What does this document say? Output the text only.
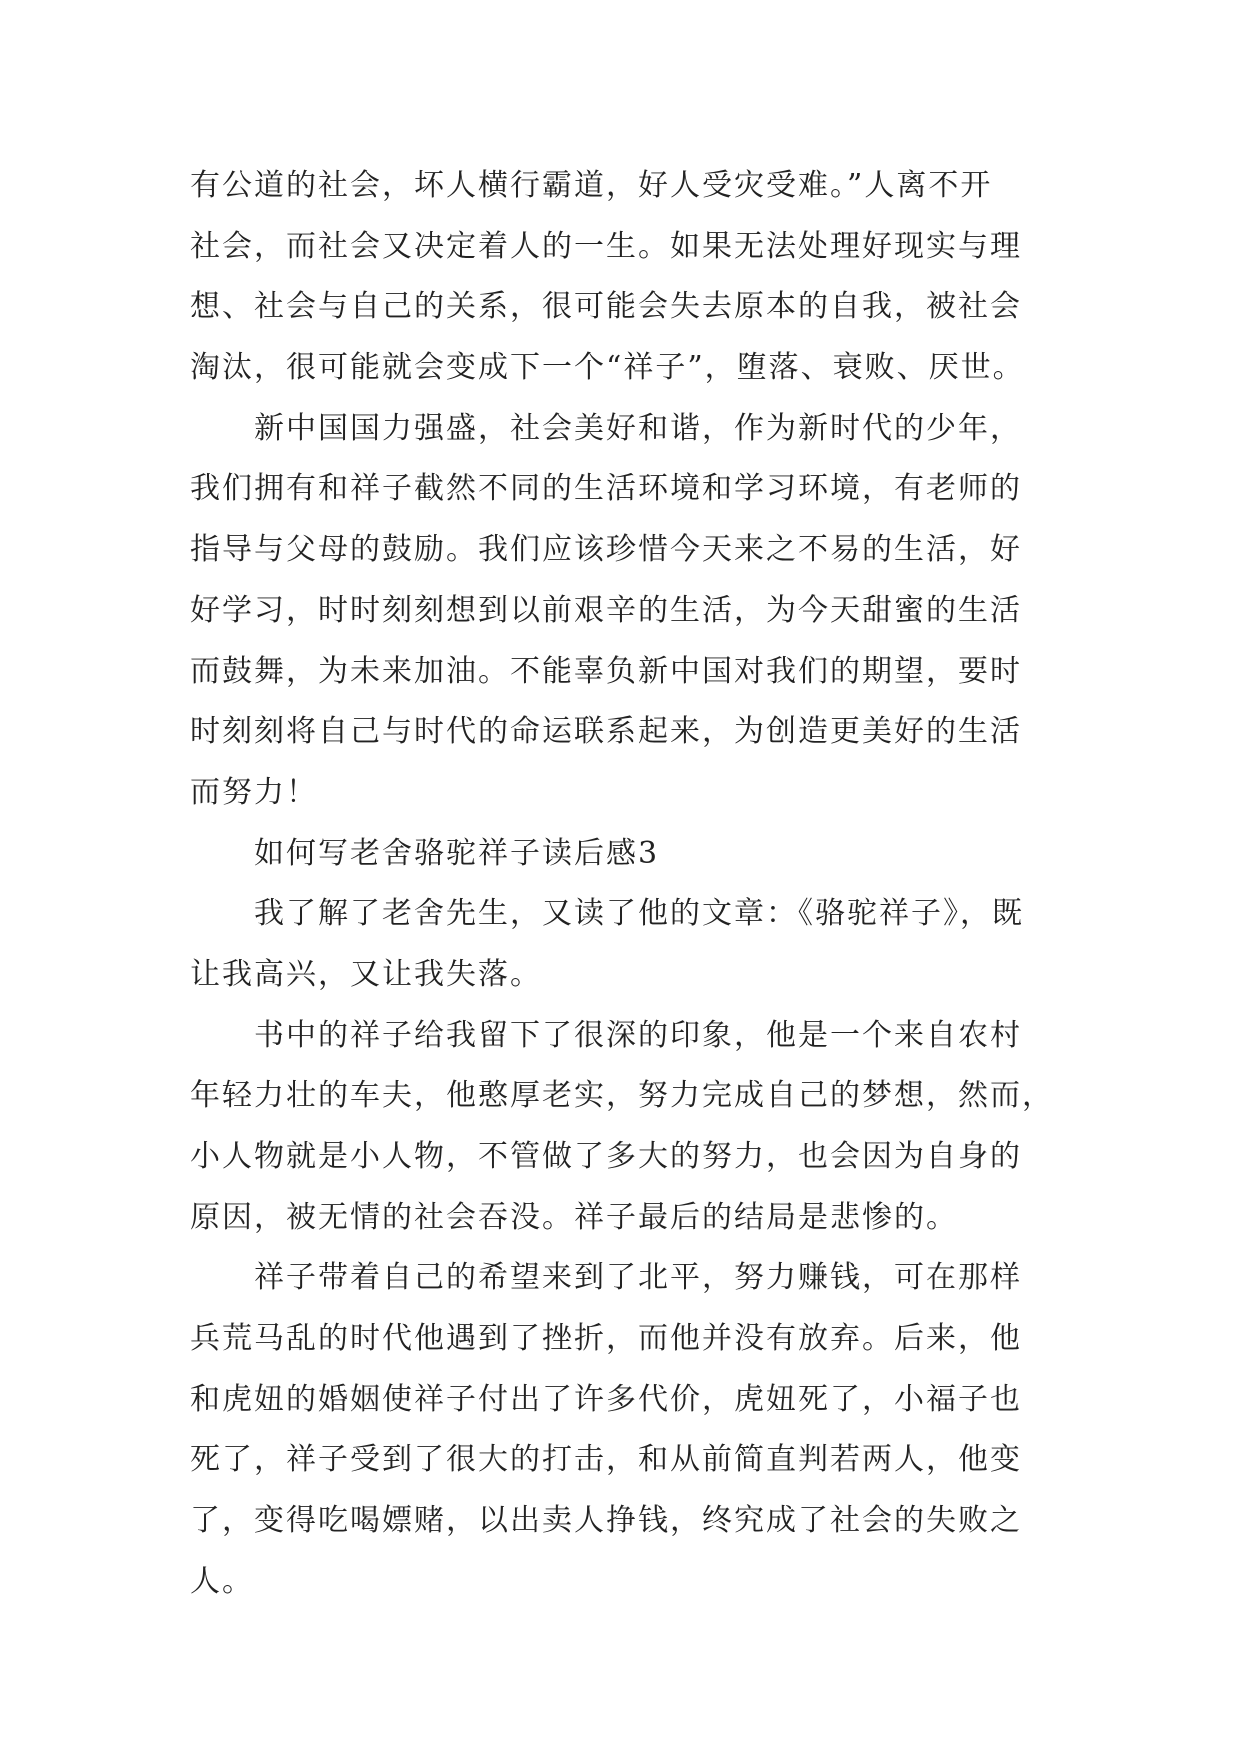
有公道的社会，坏人横行霸道，好人受灾受难。”人离不开
社会，而社会又决定着人的一生。如果无法处理好现实与理
想、社会与自己的关系，很可能会失去原本的自我，被社会
淘汰，很可能就会变成下一个“祥子”，堕落、衰败、厌世。
新中国国力强盛，社会美好和谐，作为新时代的少年，
我们拥有和祥子截然不同的生活环境和学习环境，有老师的
指导与父母的鼓励。我们应该珍惜今天来之不易的生活，好
好学习，时时刻刻想到以前艰辛的生活，为今天甜蜜的生活
而鼓舞，为未来加油。不能辜负新中国对我们的期望，要时
时刻刻将自己与时代的命运联系起来，为创造更美好的生活
而努力！
如何写老舍骆驼祥子读后感3
我了解了老舍先生，又读了他的文章：《骆驼祥子》，既
让我高兴，又让我失落。
书中的祥子给我留下了很深的印象，他是一个来自农村
年轻力壮的车夫，他憨厚老实，努力完成自己的梦想，然而，
小人物就是小人物，不管做了多大的努力，也会因为自身的
原因，被无情的社会吞没。祥子最后的结局是悲惨的。
祥子带着自己的希望来到了北平，努力赚钱，可在那样
兵荒马乱的时代他遇到了挫折，而他并没有放弃。后来，他
和虎妞的婚姻使祥子付出了许多代价，虎妞死了，小福子也
死了，祥子受到了很大的打击，和从前简直判若两人，他变
了，变得吃喝嫖赌，以出卖人挣钱，终究成了社会的失败之
人。
